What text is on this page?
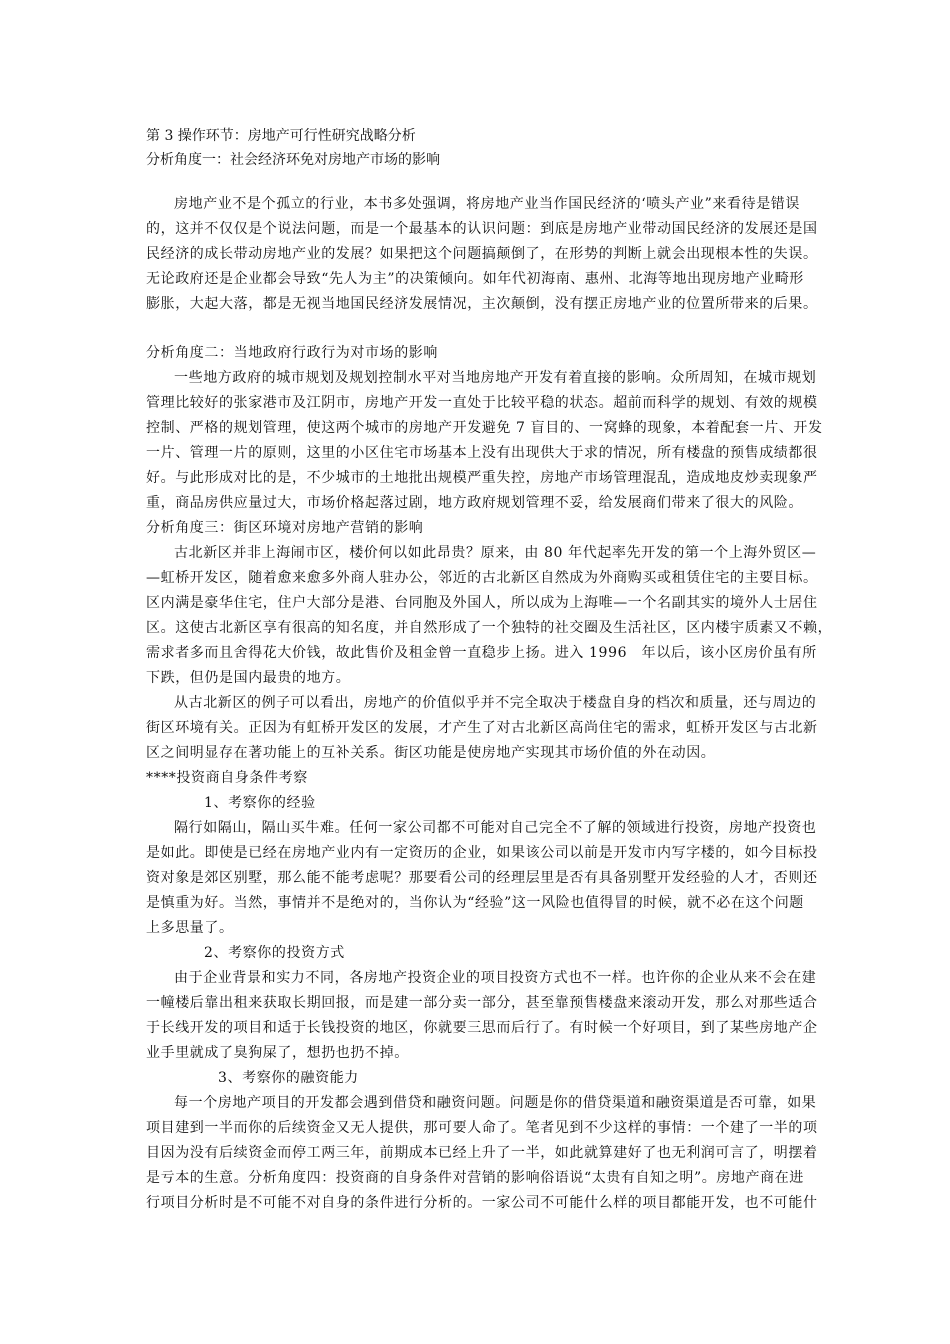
第 3 操作环节：房地产可行性研究战略分析

分析角度一：社会经济环免对房地产市场的影响

房地产业不是个孤立的行业，本书多处强调，将房地产业当作国民经济的‘喷头产业”来看待是错误

的，这并不仅仅是个说法问题，而是一个最基本的认识问题：到底是房地产业带动国民经济的发展还是国

民经济的成长带动房地产业的发展？如果把这个问题搞颠倒了，在形势的判断上就会出现根本性的失误。

无论政府还是企业都会导致“先人为主”的决策倾向。如年代初海南、惠州、北海等地出现房地产业畸形

膨胀，大起大落，都是无视当地国民经济发展情况，主次颠倒，没有摆正房地产业的位置所带来的后果。

分析角度二：当地政府行政行为对市场的影响

一些地方政府的城市规划及规划控制水平对当地房地产开发有着直接的影响。众所周知，在城市规划

管理比较好的张家港市及江阴市，房地产开发一直处于比较平稳的状态。超前而科学的规划、有效的规模

控制、严格的规划管理，使这两个城市的房地产开发避免 7 盲目的、一窝蜂的现象，本着配套一片、开发

一片、管理一片的原则，这里的小区住宅市场基本上没有出现供大于求的情况，所有楼盘的预售成绩都很

好。与此形成对比的是，不少城市的土地批出规模严重失控，房地产市场管理混乱，造成地皮炒卖现象严

重，商品房供应量过大，市场价格起落过剧，地方政府规划管理不妥，给发展商们带来了很大的风险。

分析角度三：街区环境对房地产营销的影响

古北新区并非上海闹市区，楼价何以如此昂贵？原来，由 80 年代起率先开发的第一个上海外贸区—

—虹桥开发区，随着愈来愈多外商人驻办公，邻近的古北新区自然成为外商购买或租赁住宅的主要目标。

区内满是豪华住宅，住户大部分是港、台同胞及外国人，所以成为上海唯—一个名副其实的境外人士居住

区。这使古北新区享有很高的知名度，并自然形成了一个独特的社交圈及生活社区，区内楼宇质素又不赖，

需求者多而且舍得花大价钱，故此售价及租金曾一直稳步上扬。进入 1996　年以后，该小区房价虽有所

下跌，但仍是国内最贵的地方。

从古北新区的例子可以看出，房地产的价值似乎并不完全取决于楼盘自身的档次和质量，还与周边的

街区环境有关。正因为有虹桥开发区的发展，才产生了对古北新区高尚住宅的需求，虹桥开发区与古北新

区之间明显存在著功能上的互补关系。街区功能是使房地产实现其市场价值的外在动因。

****投资商自身条件考察

1、考察你的经验

隔行如隔山，隔山买牛难。任何一家公司都不可能对自己完全不了解的领域进行投资，房地产投资也

是如此。即使是已经在房地产业内有一定资历的企业，如果该公司以前是开发市内写字楼的，如今目标投

资对象是郊区别墅，那么能不能考虑呢？那要看公司的经理层里是否有具备别墅开发经验的人才，否则还

是慎重为好。当然，事情并不是绝对的，当你认为“经验”这一风险也值得冒的时候，就不必在这个问题

上多思量了。

2、考察你的投资方式

由于企业背景和实力不同，各房地产投资企业的项目投资方式也不一样。也许你的企业从来不会在建

一幢楼后靠出租来获取长期回报，而是建一部分卖一部分，甚至靠预售楼盘来滚动开发，那么对那些适合

于长线开发的项目和适于长钱投资的地区，你就要三思而后行了。有时候一个好项目，到了某些房地产企

业手里就成了臭狗屎了，想扔也扔不掉。

3、考察你的融资能力

每一个房地产项目的开发都会遇到借贷和融资问题。问题是你的借贷渠道和融资渠道是否可靠，如果

项目建到一半而你的后续资金又无人提供，那可要人命了。笔者见到不少这样的事情：一个建了一半的项

目因为没有后续资金而停工两三年，前期成本已经上升了一半，如此就算建好了也无利润可言了，明摆着

是亏本的生意。分析角度四：投资商的自身条件对营销的影响俗语说“太贵有自知之明”。房地产商在进

行项目分析时是不可能不对自身的条件进行分析的。一家公司不可能什么样的项目都能开发，也不可能什
